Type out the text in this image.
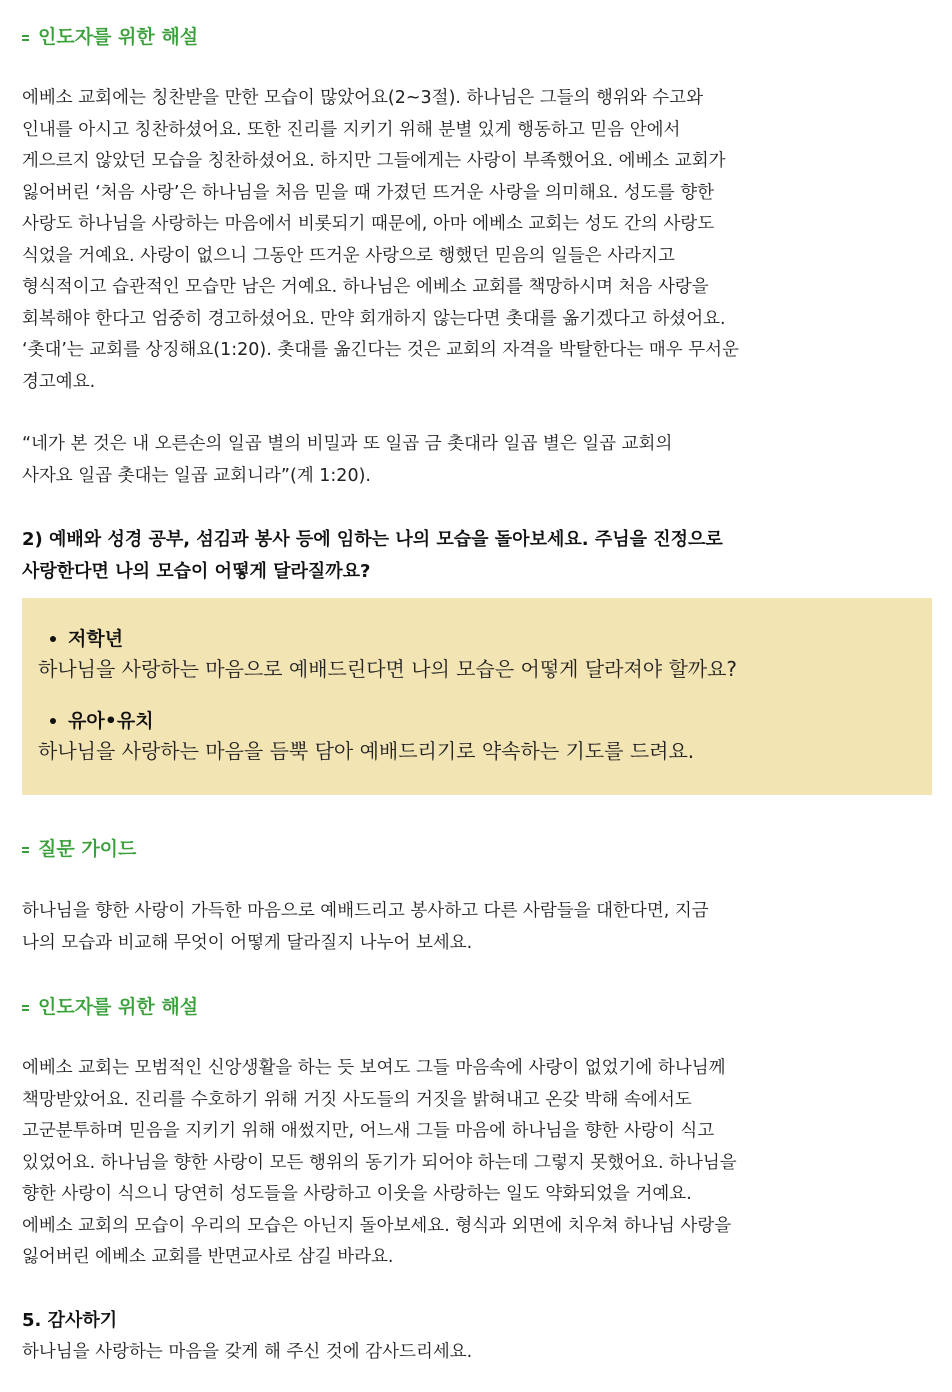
인도자를 위한 해설

에베소 교회에는 칭찬받을 만한 모습이 많았어요(2~3절). 하나님은 그들의 행위와 수고와
인내를 아시고 칭찬하셨어요. 또한 진리를 지키기 위해 분별 있게 행동하고 믿음 안에서
게으르지 않았던 모습을 칭찬하셨어요. 하지만 그들에게는 사랑이 부족했어요. 에베소 교회가
잃어버린 ‘처음 사랑’은 하나님을 처음 믿을 때 가졌던 뜨거운 사랑을 의미해요. 성도를 향한
사랑도 하나님을 사랑하는 마음에서 비롯되기 때문에, 아마 에베소 교회는 성도 간의 사랑도
식었을 거예요. 사랑이 없으니 그동안 뜨거운 사랑으로 행했던 믿음의 일들은 사라지고
형식적이고 습관적인 모습만 남은 거예요. 하나님은 에베소 교회를 책망하시며 처음 사랑을
회복해야 한다고 엄중히 경고하셨어요. 만약 회개하지 않는다면 촛대를 옮기겠다고 하셨어요.
‘촛대’는 교회를 상징해요(1:20). 촛대를 옮긴다는 것은 교회의 자격을 박탈한다는 매우 무서운
경고예요.

“네가 본 것은 내 오른손의 일곱 별의 비밀과 또 일곱 금 촛대라 일곱 별은 일곱 교회의
사자요 일곱 촛대는 일곱 교회니라”(계 1:20).

2) 예배와 성경 공부, 섬김과 봉사 등에 임하는 나의 모습을 돌아보세요. 주님을 진정으로
사랑한다면 나의 모습이 어떻게 달라질까요?

저학년
하나님을 사랑하는 마음으로 예배드린다면 나의 모습은 어떻게 달라져야 할까요?
유아•유치
하나님을 사랑하는 마음을 듬뿍 담아 예배드리기로 약속하는 기도를 드려요.
질문 가이드

하나님을 향한 사랑이 가득한 마음으로 예배드리고 봉사하고 다른 사람들을 대한다면, 지금
나의 모습과 비교해 무엇이 어떻게 달라질지 나누어 보세요.

인도자를 위한 해설

에베소 교회는 모범적인 신앙생활을 하는 듯 보여도 그들 마음속에 사랑이 없었기에 하나님께
책망받았어요. 진리를 수호하기 위해 거짓 사도들의 거짓을 밝혀내고 온갖 박해 속에서도
고군분투하며 믿음을 지키기 위해 애썼지만, 어느새 그들 마음에 하나님을 향한 사랑이 식고
있었어요. 하나님을 향한 사랑이 모든 행위의 동기가 되어야 하는데 그렇지 못했어요. 하나님을
향한 사랑이 식으니 당연히 성도들을 사랑하고 이웃을 사랑하는 일도 약화되었을 거예요.
에베소 교회의 모습이 우리의 모습은 아닌지 돌아보세요. 형식과 외면에 치우쳐 하나님 사랑을
잃어버린 에베소 교회를 반면교사로 삼길 바라요.

5. 감사하기

하나님을 사랑하는 마음을 갖게 해 주신 것에 감사드리세요.
